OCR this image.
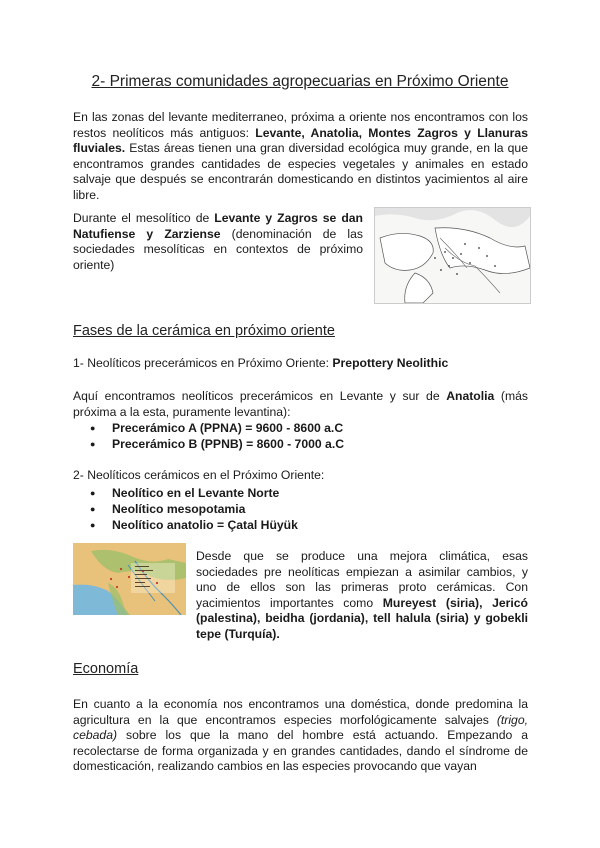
2- Primeras comunidades agropecuarias en Próximo Oriente
En las zonas del levante mediterraneo, próxima a oriente nos encontramos con los restos neolíticos más antiguos: Levante, Anatolia, Montes Zagros y Llanuras fluviales. Estas áreas tienen una gran diversidad ecológica muy grande, en la que encontramos grandes cantidades de especies vegetales y animales en estado salvaje que después se encontrarán domesticando en distintos yacimientos al aire libre.
Durante el mesolítico de Levante y Zagros se dan Natufiense y Zarziense (denominación de las sociedades mesolíticas en contextos de próximo oriente)
Fases de la cerámica en próximo oriente
1- Neolíticos precerámicos en Próximo Oriente: Prepottery Neolithic
Aquí encontramos neolíticos precerámicos en Levante y sur de Anatolia (más próxima a la esta, puramente levantina):
● Precerámico A (PPNA) = 9600 - 8600 a.C
● Precerámico B (PPNB) = 8600 - 7000 a.C
2- Neolíticos cerámicos en el Próximo Oriente:
● Neolítico en el Levante Norte
● Neolítico mesopotamia
● Neolítico anatolio = Çatal Hüyük
Desde que se produce una mejora climática, esas sociedades pre neolíticas empiezan a asimilar cambios, y uno de ellos son las primeras proto cerámicas. Con yacimientos importantes como Mureyest (siria), Jericó (palestina), beidha (jordania), tell halula (siria) y gobekli tepe (Turquía).
Economía
En cuanto a la economía nos encontramos una doméstica, donde predomina la agricultura en la que encontramos especies morfológicamente salvajes (trigo, cebada) sobre los que la mano del hombre está actuando. Empezando a recolectarse de forma organizada y en grandes cantidades, dando el síndrome de domesticación, realizando cambios en las especies provocando que vayan
